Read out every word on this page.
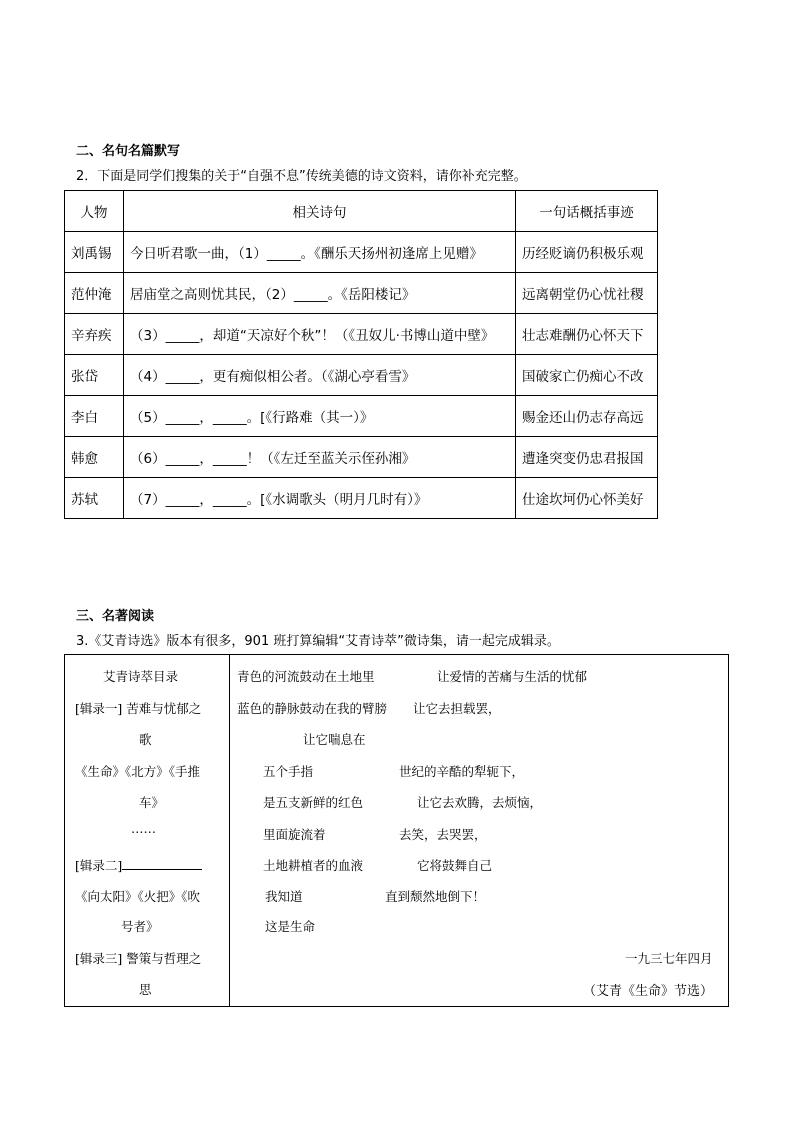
二、名句名篇默写
2．下面是同学们搜集的关于“自强不息”传统美德的诗文资料，请你补充完整。
人物	相关诗句	一句话概括事迹
刘禹锡	今日听君歌一曲，（1）_____。《酬乐天扬州初逢席上见赠》	历经贬谪仍积极乐观
范仲淹	居庙堂之高则忧其民，（2）_____。《岳阳楼记》	远离朝堂仍心忧社稷
辛弃疾	（3）_____，却道“天凉好个秋”！（《丑奴儿·书博山道中壁》	壮志难酬仍心怀天下
张岱	（4）_____，更有痴似相公者。（《湖心亭看雪》	国破家亡仍痴心不改
李白	（5）_____，_____。[《行路难（其一）》	赐金还山仍志存高远
韩愈	（6）_____，_____！（《左迁至蓝关示侄孙湘》	遭逢突变仍忠君报国
苏轼	（7）_____，_____。[《水调歌头（明月几时有）》	仕途坎坷仍心怀美好
三、名著阅读
3.《艾青诗选》版本有很多，901 班打算编辑“艾青诗萃”微诗集，请一起完成辑录。
艾青诗萃目录
[辑录一] 苦难与忧郁之
歌
《生命》《北方》《手推
车》
……
[辑录二]
《向太阳》《火把》《吹
号者》
[辑录三] 警策与哲理之
思
青色的河流鼓动在土地里	让爱情的苦痛与生活的忧郁
蓝色的静脉鼓动在我的臂膀 让它去担载罢，
让它喘息在
五个手指	世纪的辛酷的犁轭下，
是五支新鲜的红色	让它去欢腾，去烦恼，
里面旋流着	去笑，去哭罢，
土地耕植者的血液	它将鼓舞自己
我知道	直到颓然地倒下！
这是生命
一九三七年四月
（艾青《生命》节选）
